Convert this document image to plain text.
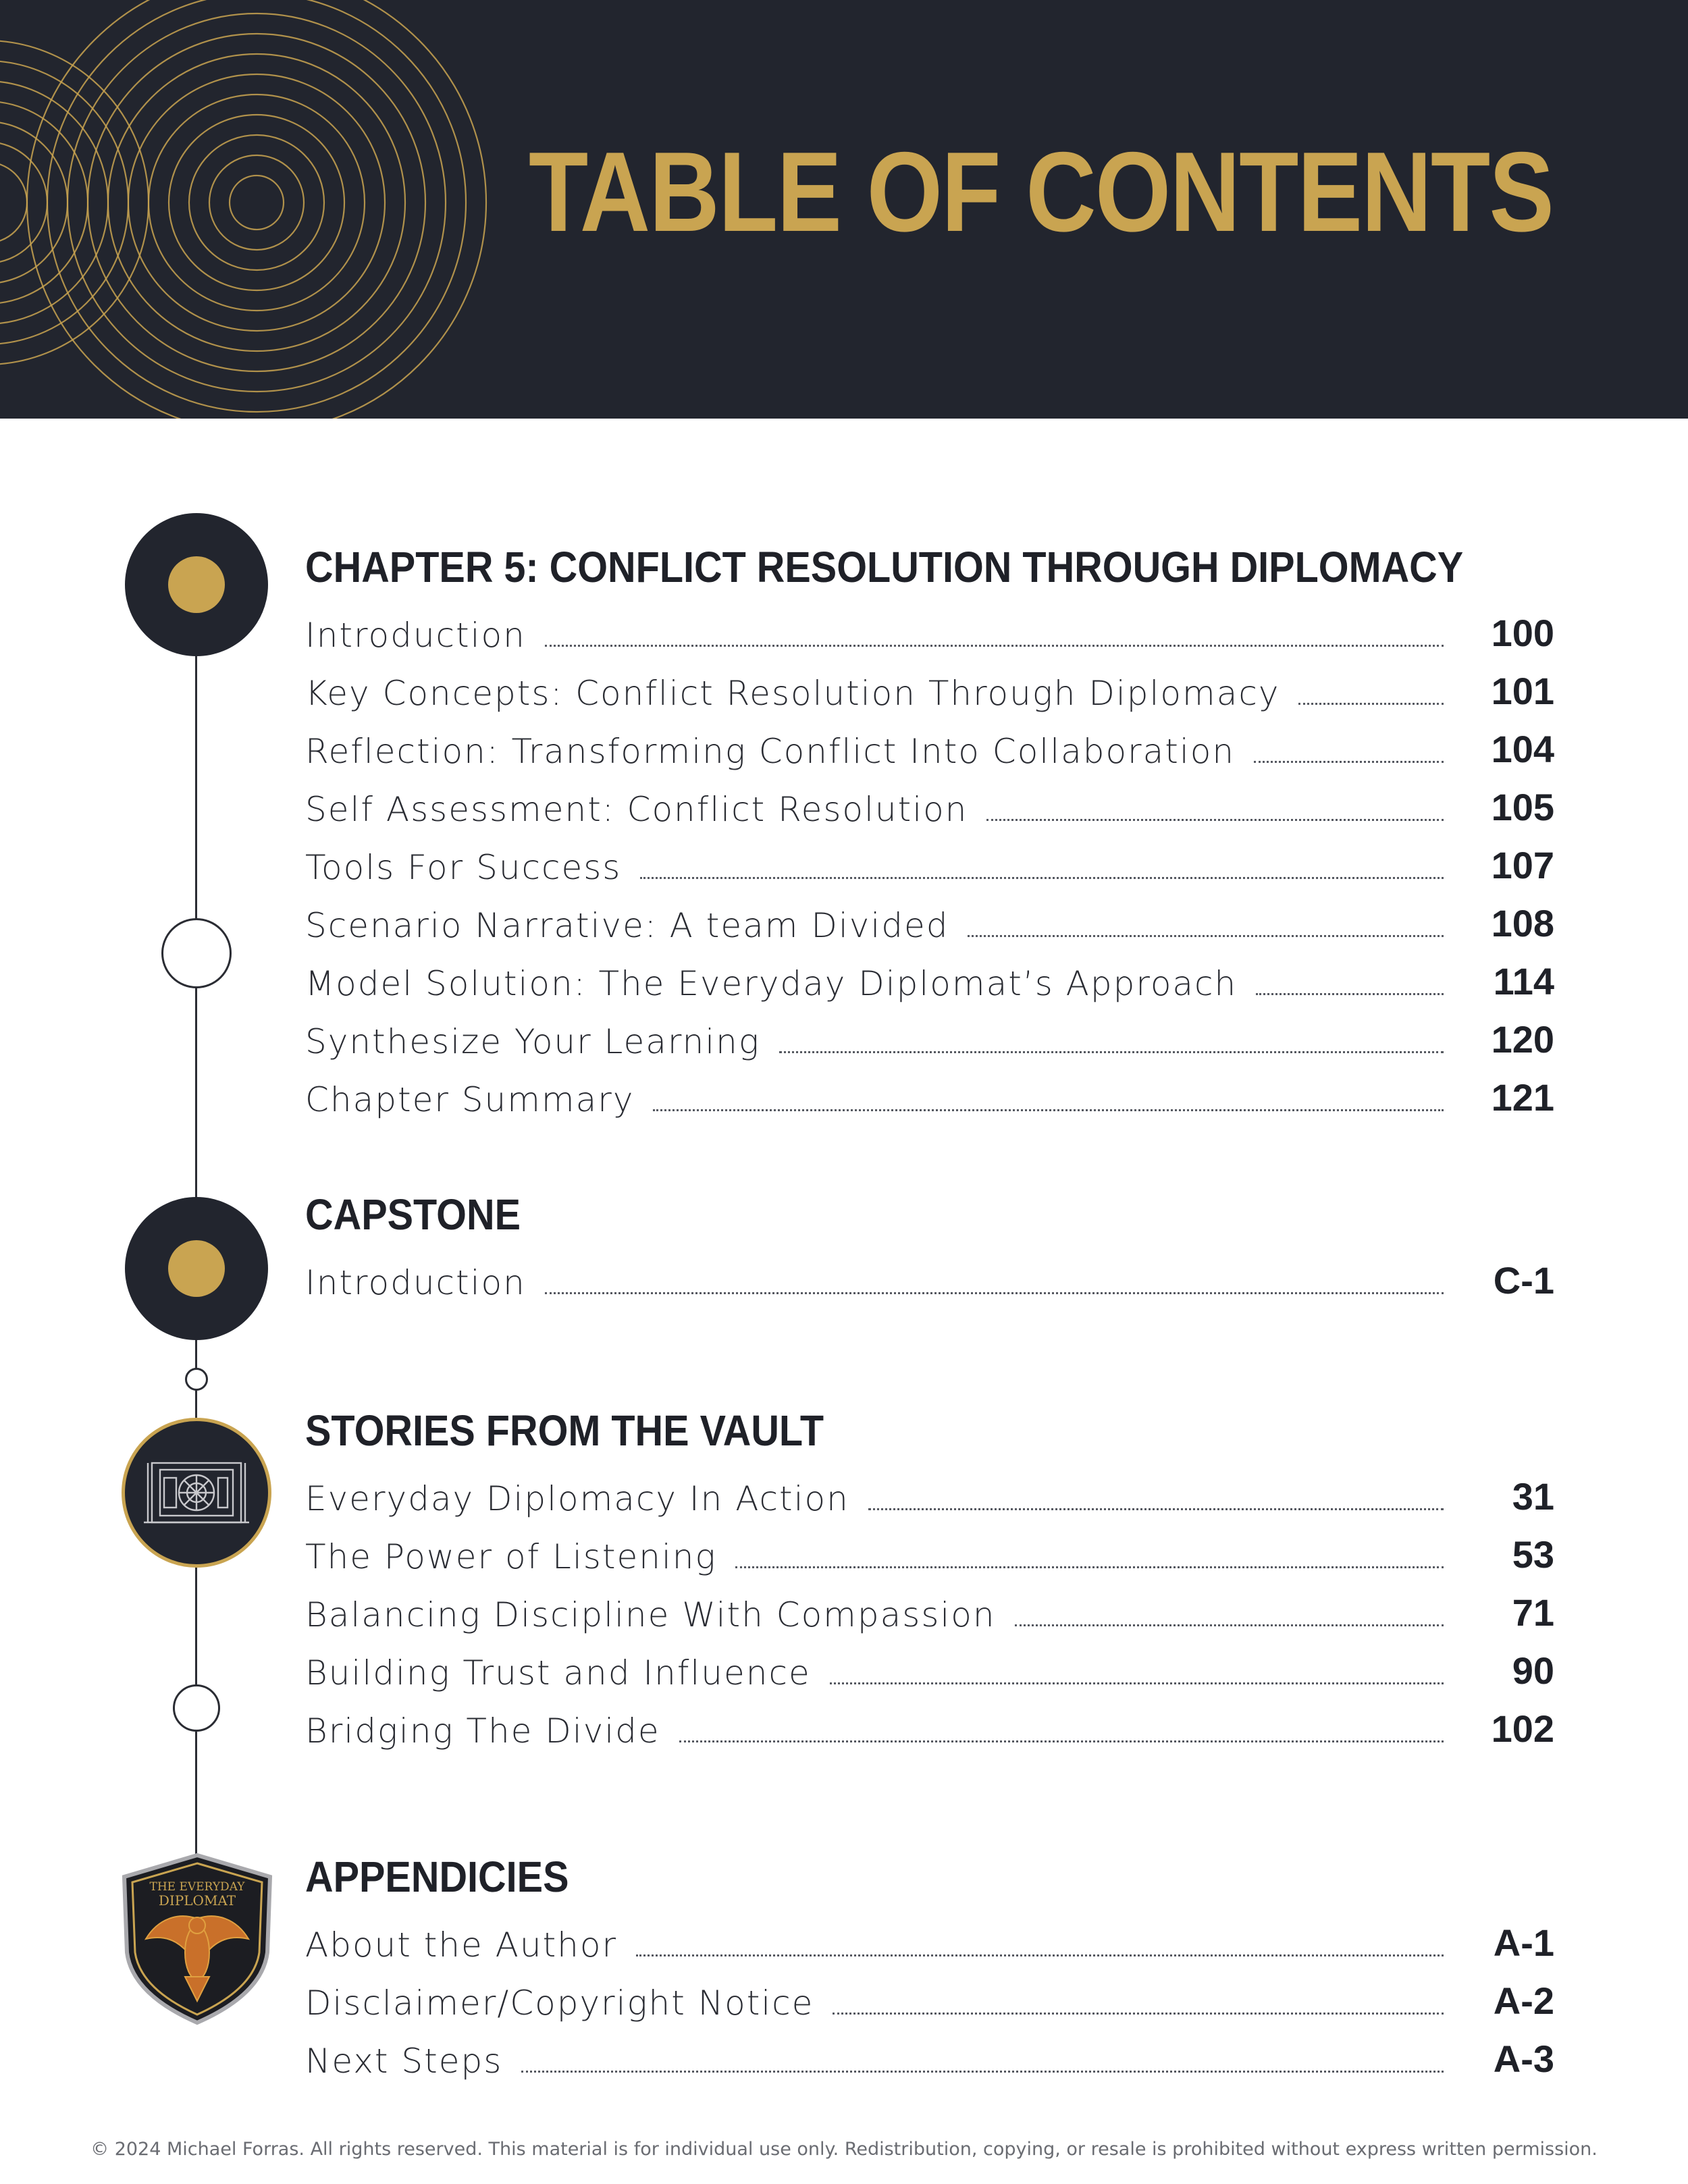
TABLE OF CONTENTS
THE EVERYDAY
DIPLOMAT
CHAPTER 5: CONFLICT RESOLUTION THROUGH DIPLOMACY
Introduction	100
Key Concepts: Conflict Resolution Through Diplomacy	101
Reflection: Transforming Conflict Into Collaboration	104
Self Assessment: Conflict Resolution	105
Tools For Success	107
Scenario Narrative: A team Divided	108
Model Solution: The Everyday Diplomat’s Approach	114
Synthesize Your Learning	120
Chapter Summary	121
CAPSTONE
Introduction	C-1
STORIES FROM THE VAULT
Everyday Diplomacy In Action	31
The Power of Listening	53
Balancing Discipline With Compassion	71
Building Trust and Influence	90
Bridging The Divide	102
APPENDICIES
About the Author	A-1
Disclaimer/Copyright Notice	A-2
Next Steps	A-3
© 2024 Michael Forras. All rights reserved. This material is for individual use only. Redistribution, copying, or resale is prohibited without express written permission.
